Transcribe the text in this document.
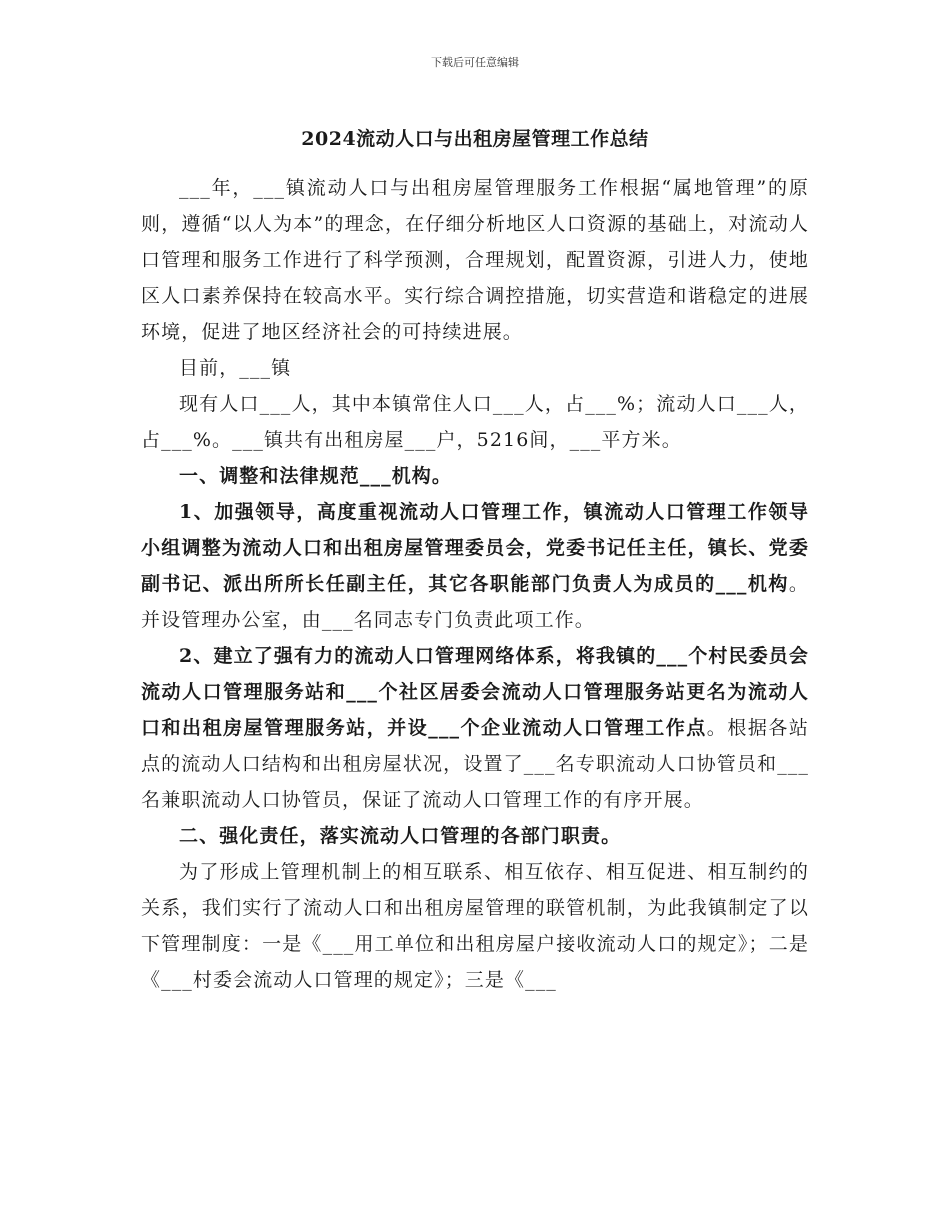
下载后可任意编辑
2024流动人口与出租房屋管理工作总结

___年，___镇流动人口与出租房屋管理服务工作根据“属地管理”的原则，遵循“以人为本”的理念，在仔细分析地区人口资源的基础上，对流动人口管理和服务工作进行了科学预测，合理规划，配置资源，引进人力，使地区人口素养保持在较高水平。实行综合调控措施，切实营造和谐稳定的进展环境，促进了地区经济社会的可持续进展。

目前，___镇

现有人口___人，其中本镇常住人口___人，占___%；流动人口___人，占___%。___镇共有出租房屋___户，5216间，___平方米。

一、调整和法律规范___机构。

1、加强领导，高度重视流动人口管理工作，镇流动人口管理工作领导小组调整为流动人口和出租房屋管理委员会，党委书记任主任，镇长、党委副书记、派出所所长任副主任，其它各职能部门负责人为成员的___机构。并设管理办公室，由___名同志专门负责此项工作。

2、建立了强有力的流动人口管理网络体系，将我镇的___个村民委员会流动人口管理服务站和___个社区居委会流动人口管理服务站更名为流动人口和出租房屋管理服务站，并设___个企业流动人口管理工作点。根据各站点的流动人口结构和出租房屋状况，设置了___名专职流动人口协管员和___名兼职流动人口协管员，保证了流动人口管理工作的有序开展。

二、强化责任，落实流动人口管理的各部门职责。

为了形成上管理机制上的相互联系、相互依存、相互促进、相互制约的关系，我们实行了流动人口和出租房屋管理的联管机制，为此我镇制定了以下管理制度：一是《___用工单位和出租房屋户接收流动人口的规定》；二是《___村委会流动人口管理的规定》；三是《___
